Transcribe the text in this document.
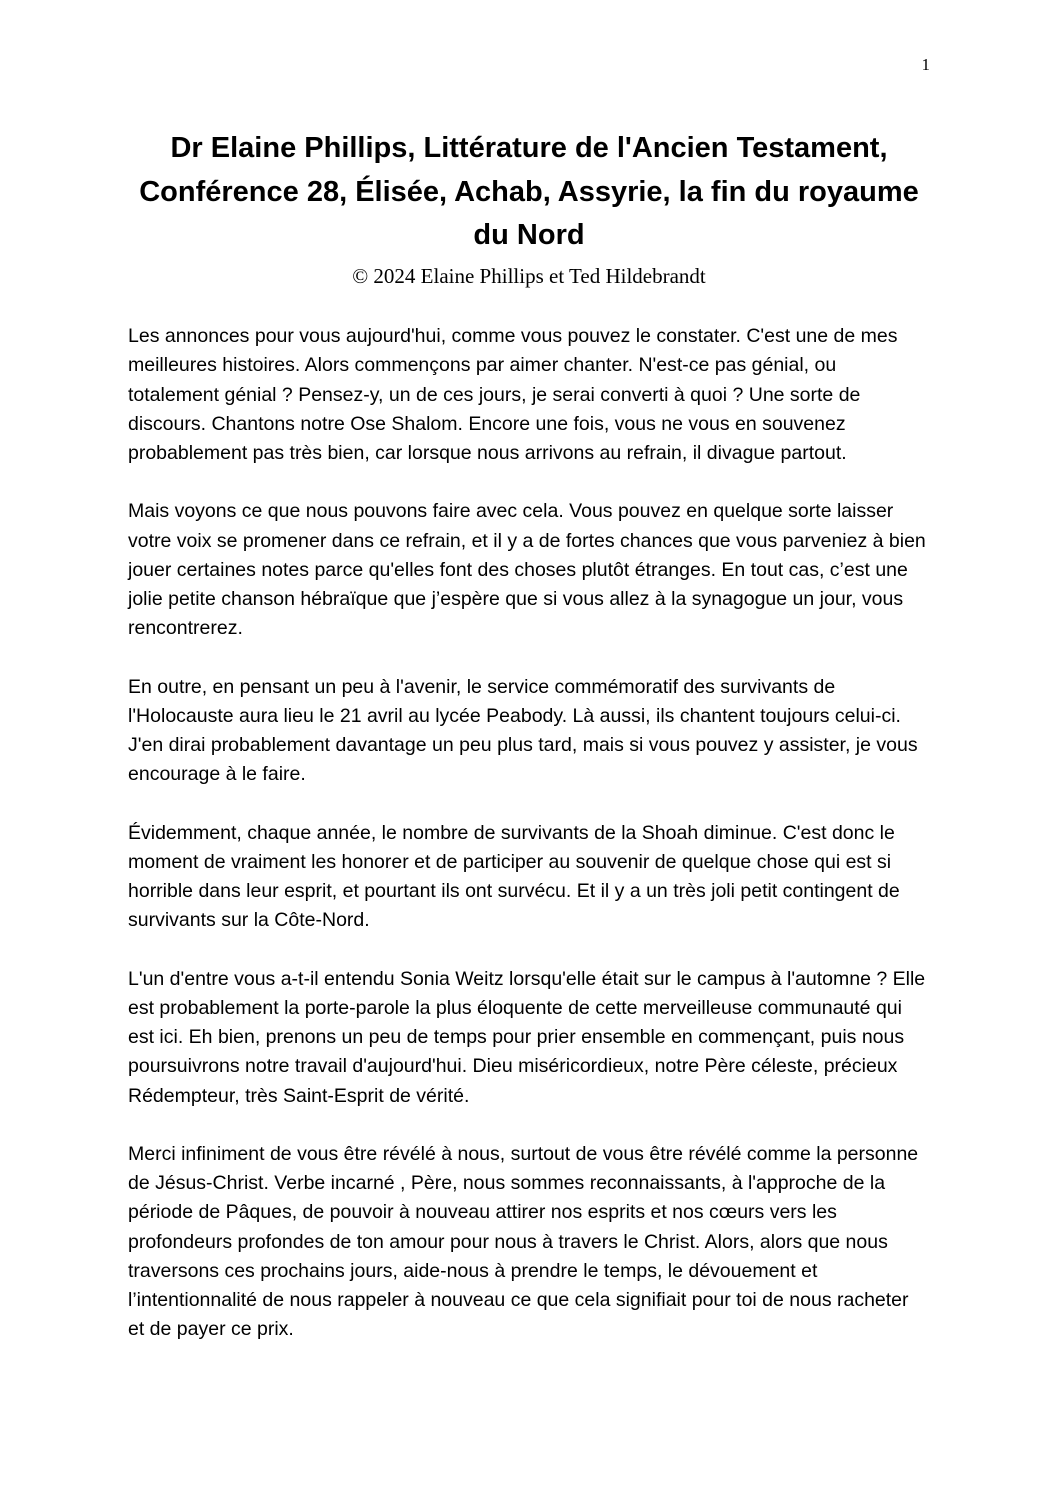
1
Dr Elaine Phillips, Littérature de l'Ancien Testament,
Conférence 28, Élisée, Achab, Assyrie, la fin du royaume du Nord
© 2024 Elaine Phillips et Ted Hildebrandt

Les annonces pour vous aujourd'hui, comme vous pouvez le constater. C'est une de mes meilleures histoires. Alors commençons par aimer chanter. N'est-ce pas génial, ou totalement génial ? Pensez-y, un de ces jours, je serai converti à quoi ? Une sorte de discours. Chantons notre Ose Shalom. Encore une fois, vous ne vous en souvenez probablement pas très bien, car lorsque nous arrivons au refrain, il divague partout.

Mais voyons ce que nous pouvons faire avec cela. Vous pouvez en quelque sorte laisser votre voix se promener dans ce refrain, et il y a de fortes chances que vous parveniez à bien jouer certaines notes parce qu'elles font des choses plutôt étranges. En tout cas, c’est une jolie petite chanson hébraïque que j’espère que si vous allez à la synagogue un jour, vous rencontrerez.

En outre, en pensant un peu à l'avenir, le service commémoratif des survivants de l'Holocauste aura lieu le 21 avril au lycée Peabody. Là aussi, ils chantent toujours celui-ci. J'en dirai probablement davantage un peu plus tard, mais si vous pouvez y assister, je vous encourage à le faire.

Évidemment, chaque année, le nombre de survivants de la Shoah diminue. C'est donc le moment de vraiment les honorer et de participer au souvenir de quelque chose qui est si horrible dans leur esprit, et pourtant ils ont survécu. Et il y a un très joli petit contingent de survivants sur la Côte-Nord.

L'un d'entre vous a-t-il entendu Sonia Weitz lorsqu'elle était sur le campus à l'automne ? Elle est probablement la porte-parole la plus éloquente de cette merveilleuse communauté qui est ici. Eh bien, prenons un peu de temps pour prier ensemble en commençant, puis nous poursuivrons notre travail d'aujourd'hui. Dieu miséricordieux, notre Père céleste, précieux Rédempteur, très Saint-Esprit de vérité.

Merci infiniment de vous être révélé à nous, surtout de vous être révélé comme la personne de Jésus-Christ. Verbe incarné , Père, nous sommes reconnaissants, à l'approche de la période de Pâques, de pouvoir à nouveau attirer nos esprits et nos cœurs vers les profondeurs profondes de ton amour pour nous à travers le Christ. Alors, alors que nous traversons ces prochains jours, aide-nous à prendre le temps, le dévouement et l’intentionnalité de nous rappeler à nouveau ce que cela signifiait pour toi de nous racheter et de payer ce prix.
